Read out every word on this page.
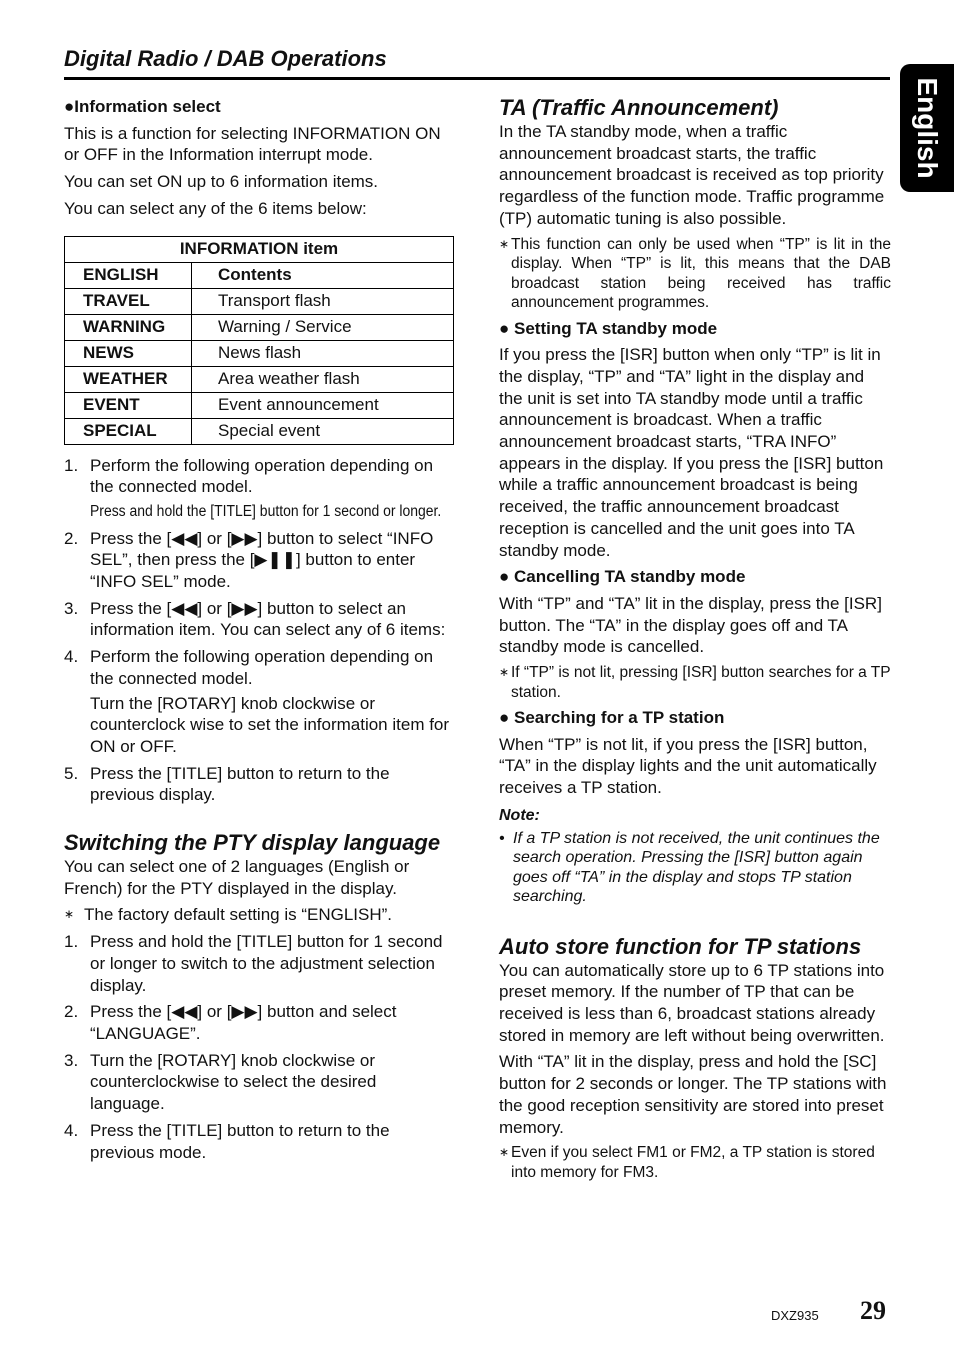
Digital Radio / DAB Operations
English
●Information select

This is a function for selecting INFORMATION ON or OFF in the Information interrupt mode.

You can set ON up to 6 information items.

You can select any of the 6 items below:

INFORMATION item	
ENGLISH	Contents
TRAVEL	Transport flash
WARNING	Warning / Service
NEWS	News flash
WEATHER	Area weather flash
EVENT	Event announcement
SPECIAL	Special event
1. Perform the following operation depending on the connected model.
Press and hold the [TITLE] button for 1 second or longer.
2. Press the [◀◀] or [▶▶] button to select “INFO SEL”, then press the [▶❚❚] button to enter “INFO SEL” mode.
3. Press the [◀◀] or [▶▶] button to select an information item. You can select any of 6 items:
4. Perform the following operation depending on the connected model.
Turn the [ROTARY] knob clockwise or counterclock wise to set the information item for ON or OFF.
5. Press the [TITLE] button to return to the previous display.
Switching the PTY display language

You can select one of 2 languages (English or French) for the PTY displayed in the display.

∗ The factory default setting is “ENGLISH”.
1. Press and hold the [TITLE] button for 1 second or longer to switch to the adjustment selection display.
2. Press the [◀◀] or [▶▶] button and select “LANGUAGE”.
3. Turn the [ROTARY] knob clockwise or counterclockwise to select the desired language.
4. Press the [TITLE] button to return to the previous mode.
TA (Traffic Announcement)

In the TA standby mode, when a traffic announcement broadcast starts, the traffic announcement broadcast is received as top priority regardless of the function mode. Traffic programme (TP) automatic tuning is also possible.

∗ This function can only be used when “TP” is lit in the display. When “TP” is lit, this means that the DAB broadcast station being received has traffic announcement programmes.
● Setting TA standby mode

If you press the [ISR] button when only “TP” is lit in the display, “TP” and “TA” light in the display and the unit is set into TA standby mode until a traffic announcement is broadcast. When a traffic announcement broadcast starts, “TRA INFO” appears in the display. If you press the [ISR] button while a traffic announcement broadcast is being received, the traffic announcement broadcast reception is cancelled and the unit goes into TA standby mode.

● Cancelling TA standby mode

With “TP” and “TA” lit in the display, press the [ISR] button. The “TA” in the display goes off and TA standby mode is cancelled.

∗ If “TP” is not lit, pressing [ISR] button searches for a TP station.
● Searching for a TP station

When “TP” is not lit, if you press the [ISR] button, “TA” in the display lights and the unit automatically receives a TP station.

Note:
• If a TP station is not received, the unit continues the search operation. Pressing the [ISR] button again goes off “TA” in the display and stops TP station searching.
Auto store function for TP stations

You can automatically store up to 6 TP stations into preset memory. If the number of TP that can be received is less than 6, broadcast stations already stored in memory are left without being overwritten.

With “TA” lit in the display, press and hold the [SC] button for 2 seconds or longer. The TP stations with the good reception sensitivity are stored into preset memory.

∗ Even if you select FM1 or FM2, a TP station is stored into memory for FM3.
DXZ935 29
